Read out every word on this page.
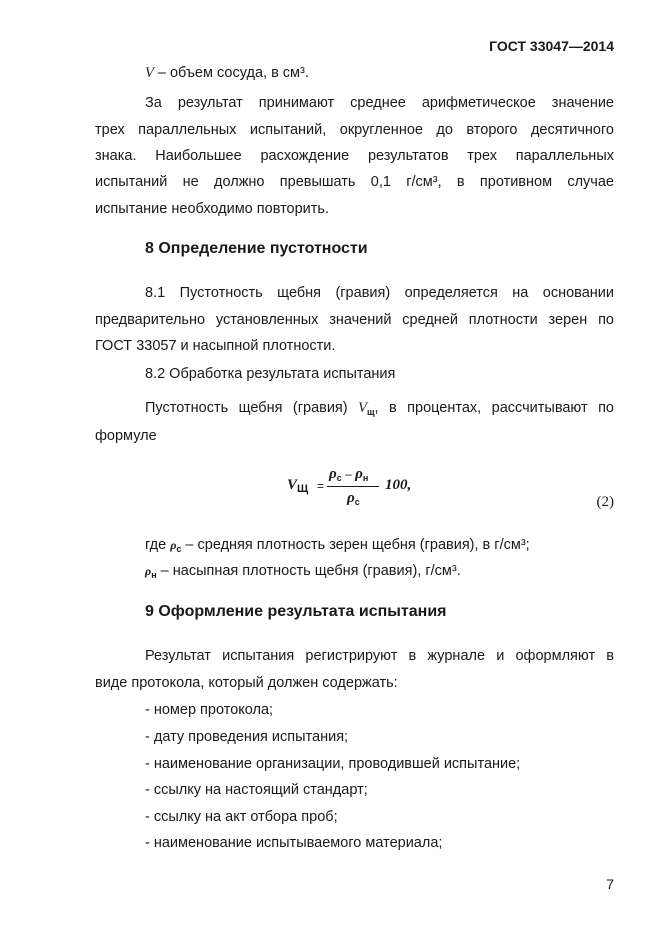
ГОСТ 33047—2014
V – объем сосуда, в см³.
За результат принимают среднее арифметическое значение
трех параллельных испытаний, округленное до второго десятичного
знака. Наибольшее расхождение результатов трех параллельных
испытаний не должно превышать 0,1 г/см³, в противном случае
испытание необходимо повторить.
8 Определение пустотности
8.1 Пустотность щебня (гравия) определяется на основании
предварительно установленных значений средней плотности зерен по
ГОСТ 33057 и насыпной плотности.
8.2 Обработка результата испытания
Пустотность щебня (гравия) $V_щ$, в процентах, рассчитывают по
формуле
$V_Щ$ =
$\rho_с - \rho_н$
$\rho_с$
100,
(2)
где $\rho_с$ – средняя плотность зерен щебня (гравия), в г/см³;
$\rho_н$ – насыпная плотность щебня (гравия), г/см³.
9 Оформление результата испытания
Результат испытания регистрируют в журнале и оформляют в
виде протокола, который должен содержать:
- номер протокола;
- дату проведения испытания;
- наименование организации, проводившей испытание;
- ссылку на настоящий стандарт;
- ссылку на акт отбора проб;
- наименование испытываемого материала;
7
